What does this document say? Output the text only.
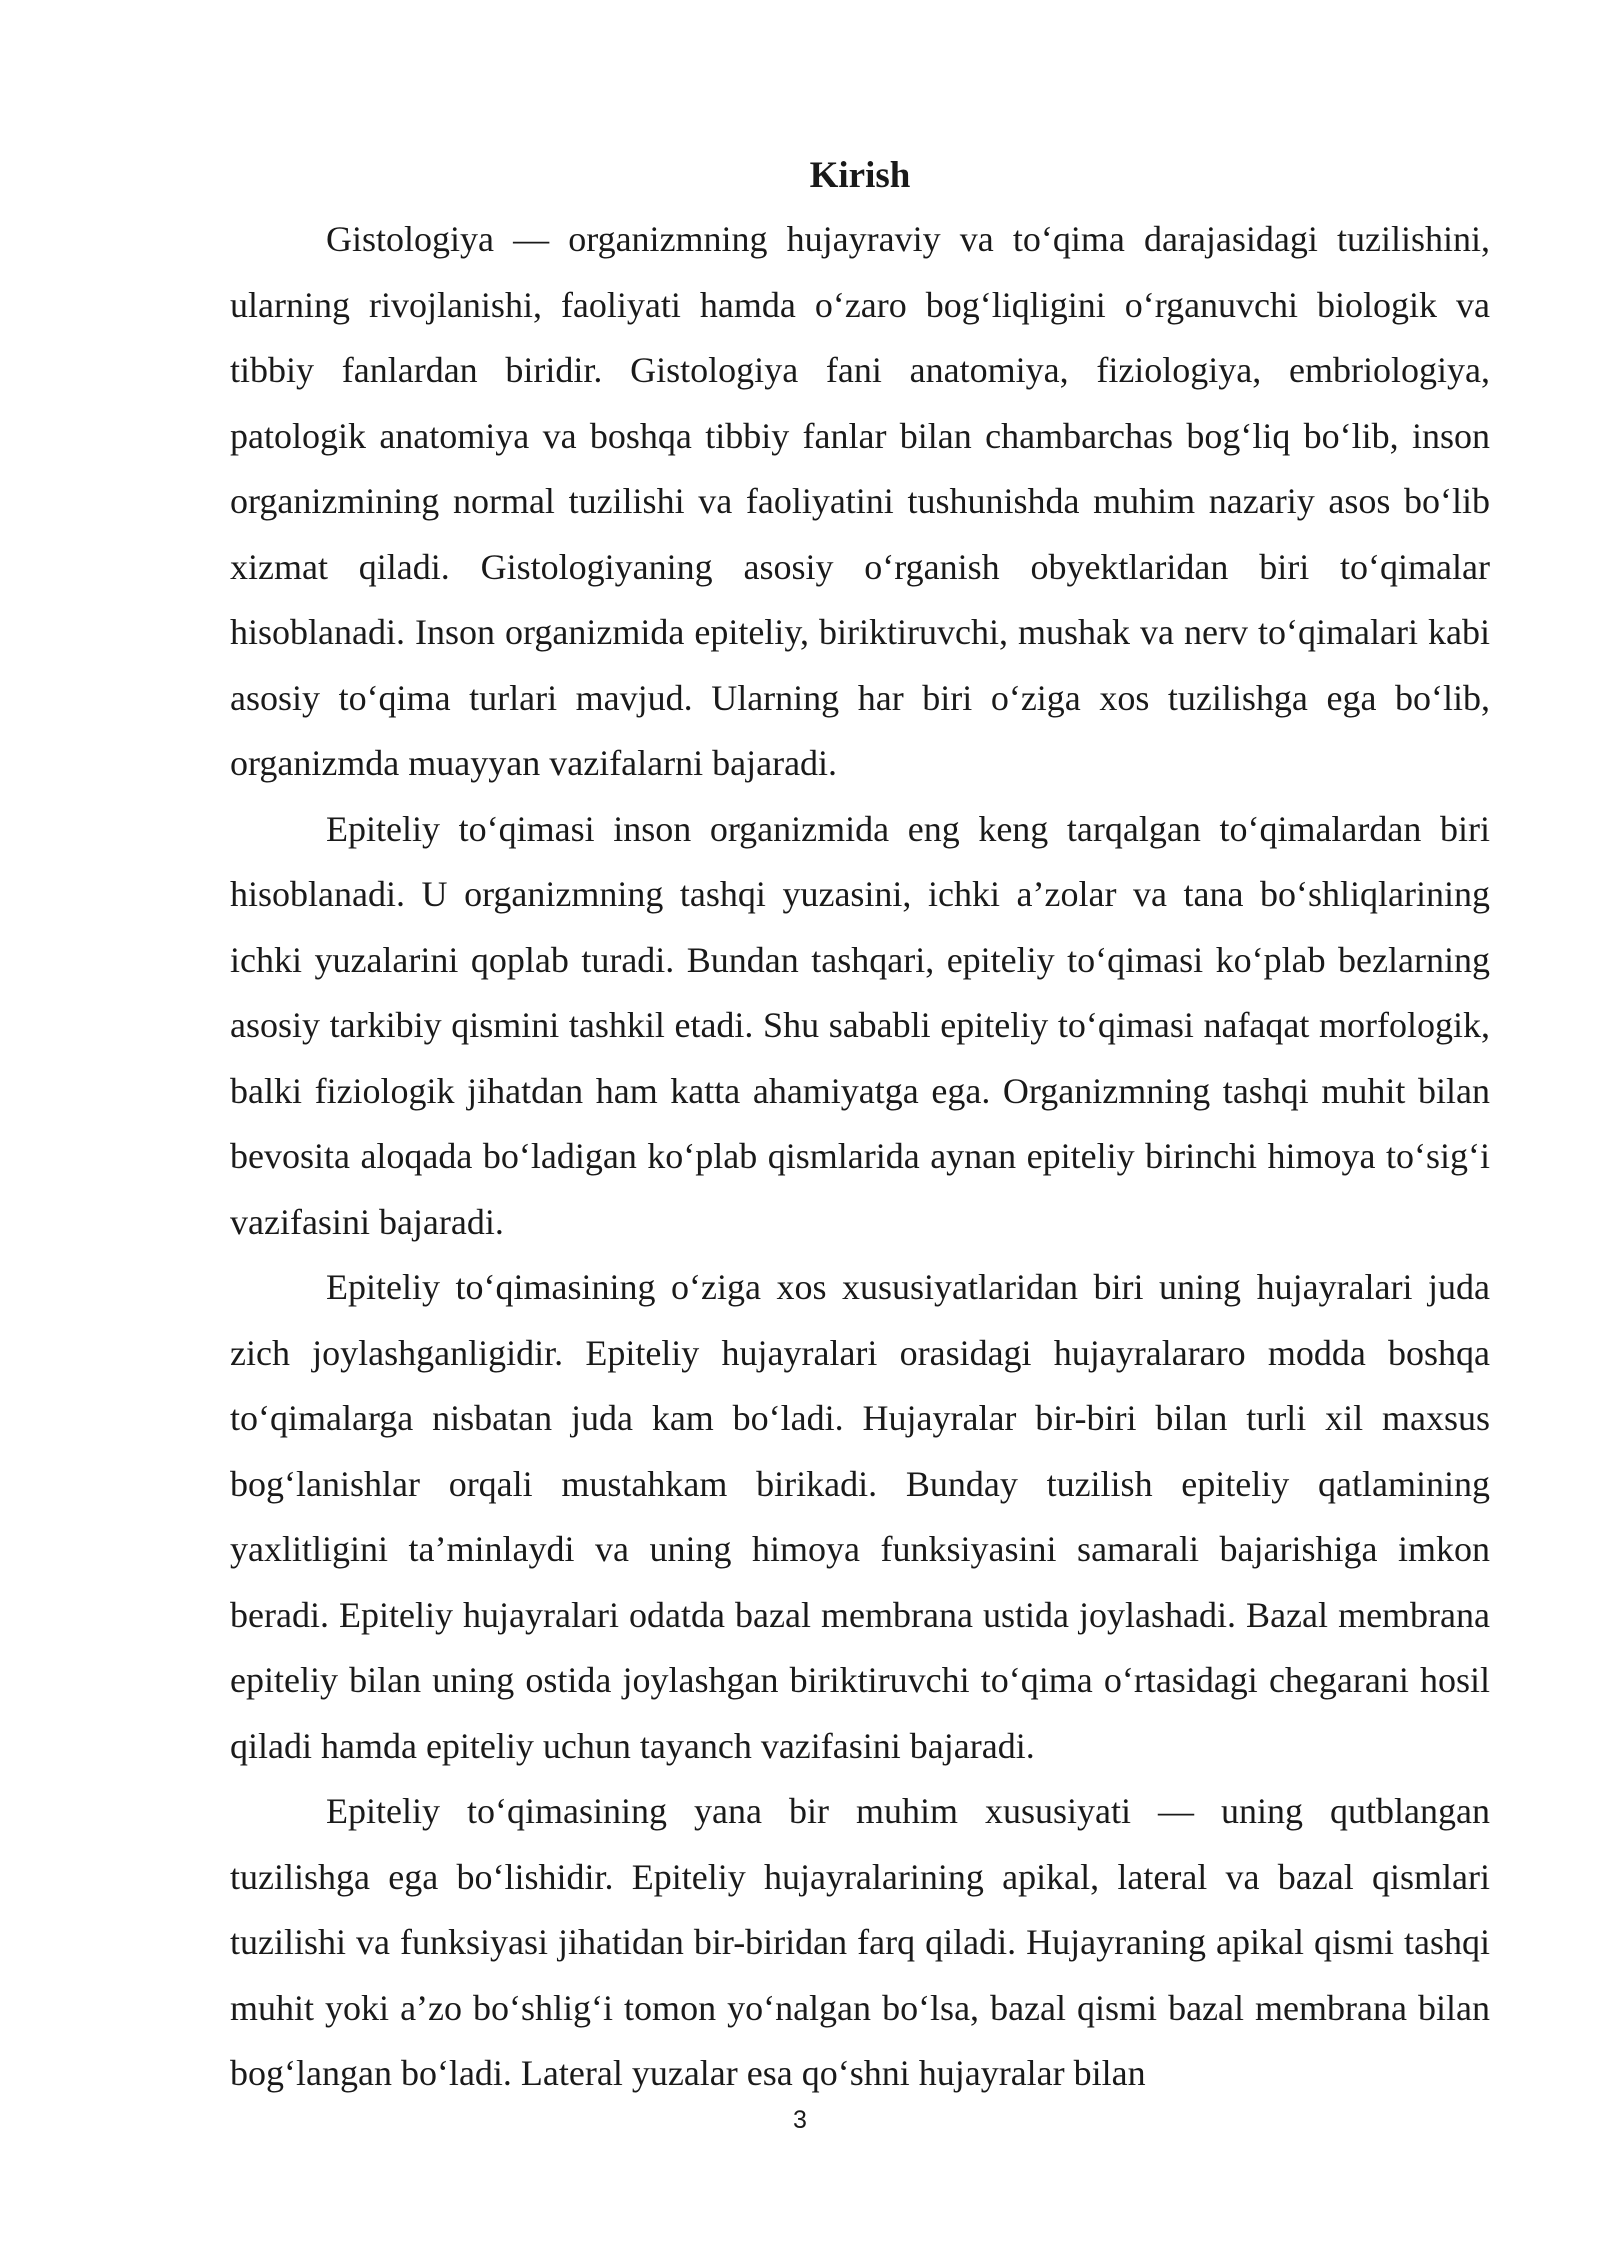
Kirish

Gistologiya — organizmning hujayraviy va to‘qima darajasidagi tuzilishini, ularning rivojlanishi, faoliyati hamda o‘zaro bog‘liqligini o‘rganuvchi biologik va tibbiy fanlardan biridir. Gistologiya fani anatomiya, fiziologiya, embriologiya, patologik anatomiya va boshqa tibbiy fanlar bilan chambarchas bog‘liq bo‘lib, inson organizmining normal tuzilishi va faoliyatini tushunishda muhim nazariy asos bo‘lib xizmat qiladi. Gistologiyaning asosiy o‘rganish obyektlaridan biri to‘qimalar hisoblanadi. Inson organizmida epiteliy, biriktiruvchi, mushak va nerv to‘qimalari kabi asosiy to‘qima turlari mavjud. Ularning har biri o‘ziga xos tuzilishga ega bo‘lib, organizmda muayyan vazifalarni bajaradi.

Epiteliy to‘qimasi inson organizmida eng keng tarqalgan to‘qimalardan biri hisoblanadi. U organizmning tashqi yuzasini, ichki a’zolar va tana bo‘shliqlarining ichki yuzalarini qoplab turadi. Bundan tashqari, epiteliy to‘qimasi ko‘plab bezlarning asosiy tarkibiy qismini tashkil etadi. Shu sababli epiteliy to‘qimasi nafaqat morfologik, balki fiziologik jihatdan ham katta ahamiyatga ega. Organizmning tashqi muhit bilan bevosita aloqada bo‘ladigan ko‘plab qismlarida aynan epiteliy birinchi himoya to‘sig‘i vazifasini bajaradi.

Epiteliy to‘qimasining o‘ziga xos xususiyatlaridan biri uning hujayralari juda zich joylashganligidir. Epiteliy hujayralari orasidagi hujayralararo modda boshqa to‘qimalarga nisbatan juda kam bo‘ladi. Hujayralar bir-biri bilan turli xil maxsus bog‘lanishlar orqali mustahkam birikadi. Bunday tuzilish epiteliy qatlamining yaxlitligini ta’minlaydi va uning himoya funksiyasini samarali bajarishiga imkon beradi. Epiteliy hujayralari odatda bazal membrana ustida joylashadi. Bazal membrana epiteliy bilan uning ostida joylashgan biriktiruvchi to‘qima o‘rtasidagi chegarani hosil qiladi hamda epiteliy uchun tayanch vazifasini bajaradi.

Epiteliy to‘qimasining yana bir muhim xususiyati — uning qutblangan tuzilishga ega bo‘lishidir. Epiteliy hujayralarining apikal, lateral va bazal qismlari tuzilishi va funksiyasi jihatidan bir-biridan farq qiladi. Hujayraning apikal qismi tashqi muhit yoki a’zo bo‘shlig‘i tomon yo‘nalgan bo‘lsa, bazal qismi bazal membrana bilan bog‘langan bo‘ladi. Lateral yuzalar esa qo‘shni hujayralar bilan

3
